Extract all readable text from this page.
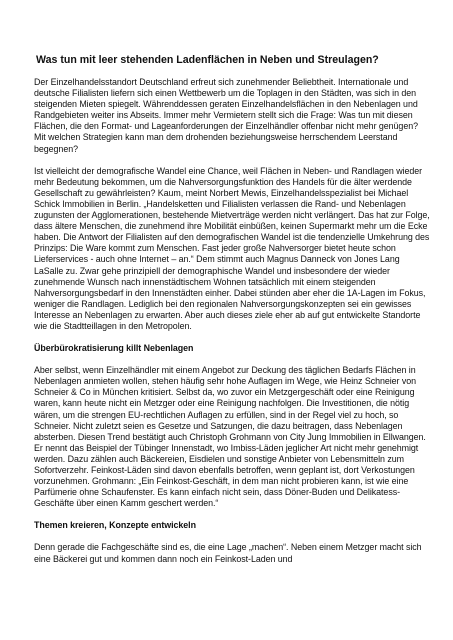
Was tun mit leer stehenden Ladenflächen in Neben und Streulagen?

Der Einzelhandelsstandort Deutschland erfreut sich zunehmender Beliebtheit. Internationale und deutsche Filialisten liefern sich einen Wettbewerb um die Toplagen in den Städten, was sich in den steigenden Mieten spiegelt. Währenddessen geraten Einzelhandelsflächen in den Nebenlagen und Randgebieten weiter ins Abseits. Immer mehr Vermietern stellt sich die Frage: Was tun mit diesen Flächen, die den Format- und Lageanforderungen der Einzelhändler offenbar nicht mehr genügen? Mit welchen Strategien kann man dem drohenden beziehungsweise herrschendem Leerstand begegnen?

Ist vielleicht der demografische Wandel eine Chance, weil Flächen in Neben- und Randlagen wieder mehr Bedeutung bekommen, um die Nahversorgungsfunktion des Handels für die älter werdende Gesellschaft zu gewährleisten? Kaum, meint Norbert Mewis, Einzelhandelsspezialist bei Michael Schick Immobilien in Berlin. „Handelsketten und Filialisten verlassen die Rand- und Nebenlagen zugunsten der Agglomerationen, bestehende Mietverträge werden nicht verlängert. Das hat zur Folge, dass ältere Menschen, die zunehmend ihre Mobilität einbüßen, keinen Supermarkt mehr um die Ecke haben. Die Antwort der Filialisten auf den demografischen Wandel ist die tendenzielle Umkehrung des Prinzips: Die Ware kommt zum Menschen. Fast jeder große Nahversorger bietet heute schon Lieferservices - auch ohne Internet – an.“ Dem stimmt auch Magnus Danneck von Jones Lang LaSalle zu. Zwar gehe prinzipiell der demographische Wandel und insbesondere der wieder zunehmende Wunsch nach innenstädtischem Wohnen tatsächlich mit einem steigenden Nahversorgungsbedarf in den Innenstädten einher. Dabei stünden aber eher die 1A-Lagen im Fokus, weniger die Randlagen. Lediglich bei den regionalen Nahversorgungskonzepten sei ein gewisses Interesse an Nebenlagen zu erwarten. Aber auch dieses ziele eher ab auf gut entwickelte Standorte wie die Stadtteillagen in den Metropolen.

Überbürokratisierung killt Nebenlagen

Aber selbst, wenn Einzelhändler mit einem Angebot zur Deckung des täglichen Bedarfs Flächen in Nebenlagen anmieten wollen, stehen häufig sehr hohe Auflagen im Wege, wie Heinz Schneier von Schneier & Co in München kritisiert. Selbst da, wo zuvor ein Metzgergeschäft oder eine Reinigung waren, kann heute nicht ein Metzger oder eine Reinigung nachfolgen. Die Investitionen, die nötig wären, um die strengen EU-rechtlichen Auflagen zu erfüllen, sind in der Regel viel zu hoch, so Schneier. Nicht zuletzt seien es Gesetze und Satzungen, die dazu beitragen, dass Nebenlagen absterben. Diesen Trend bestätigt auch Christoph Grohmann von City Jung Immobilien in Ellwangen. Er nennt das Beispiel der Tübinger Innenstadt, wo Imbiss-Läden jeglicher Art nicht mehr genehmigt werden. Dazu zählen auch Bäckereien, Eisdielen und sonstige Anbieter von Lebensmitteln zum Sofortverzehr. Feinkost-Läden sind davon ebenfalls betroffen, wenn geplant ist, dort Verkostungen vorzunehmen. Grohmann: „Ein Feinkost-Geschäft, in dem man nicht probieren kann, ist wie eine Parfümerie ohne Schaufenster. Es kann einfach nicht sein, dass Döner-Buden und Delikatess-Geschäfte über einen Kamm geschert werden.“

Themen kreieren, Konzepte entwickeln

Denn gerade die Fachgeschäfte sind es, die eine Lage „machen“. Neben einem Metzger macht sich eine Bäckerei gut und kommen dann noch ein Feinkost-Laden und
